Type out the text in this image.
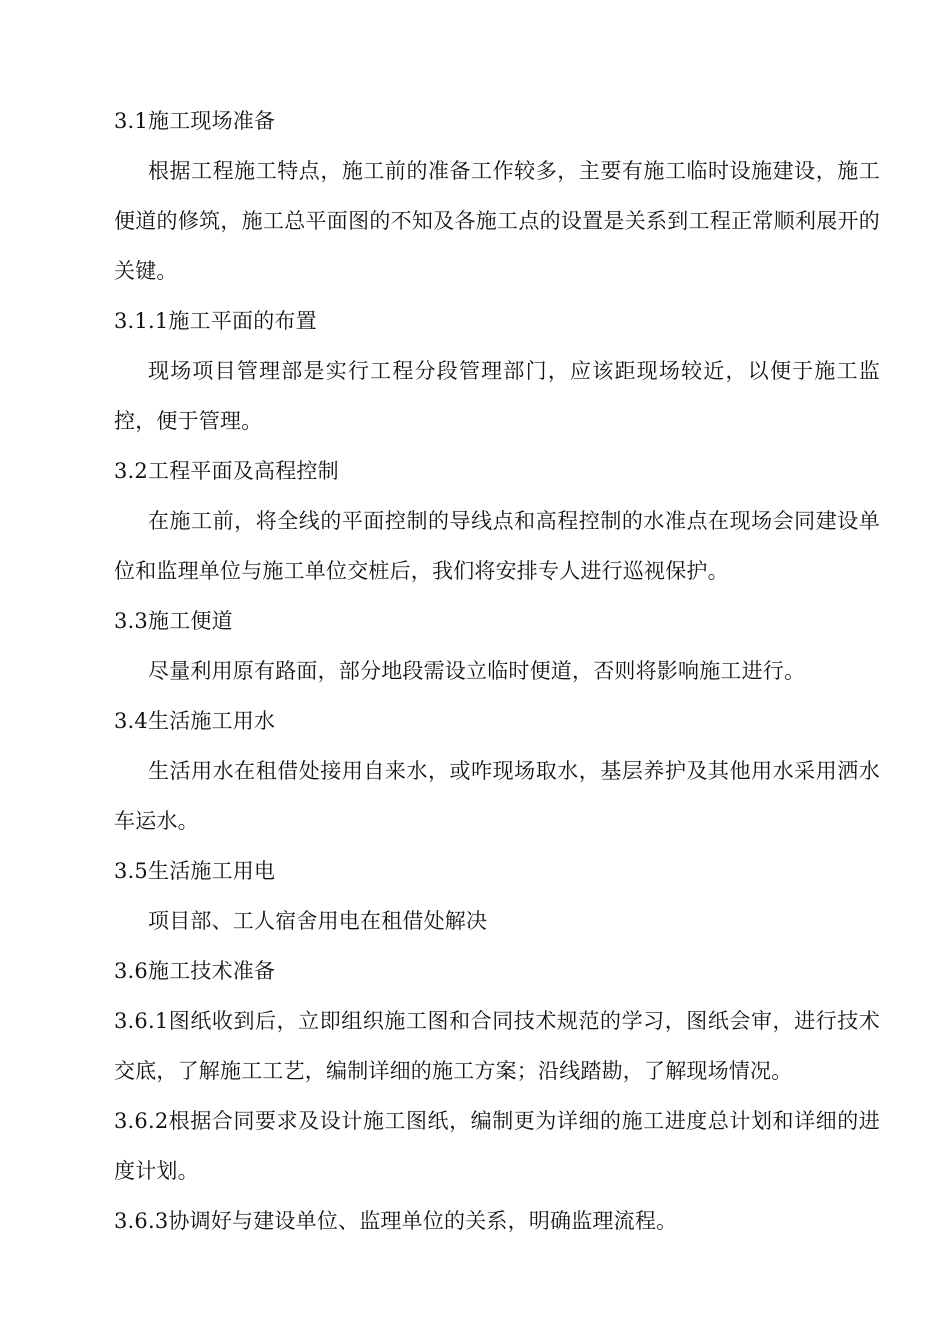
3.1施工现场准备

根据工程施工特点，施工前的准备工作较多，主要有施工临时设施建设，施工便道的修筑，施工总平面图的不知及各施工点的设置是关系到工程正常顺利展开的关键。

3.1.1施工平面的布置

现场项目管理部是实行工程分段管理部门，应该距现场较近，以便于施工监控，便于管理。

3.2工程平面及高程控制

在施工前，将全线的平面控制的导线点和高程控制的水准点在现场会同建设单位和监理单位与施工单位交桩后，我们将安排专人进行巡视保护。

3.3施工便道

尽量利用原有路面，部分地段需设立临时便道，否则将影响施工进行。

3.4生活施工用水

生活用水在租借处接用自来水，或咋现场取水，基层养护及其他用水采用洒水车运水。

3.5生活施工用电

项目部、工人宿舍用电在租借处解决

3.6施工技术准备

3.6.1图纸收到后，立即组织施工图和合同技术规范的学习，图纸会审，进行技术交底，了解施工工艺，编制详细的施工方案；沿线踏勘，了解现场情况。

3.6.2根据合同要求及设计施工图纸，编制更为详细的施工进度总计划和详细的进度计划。

3.6.3协调好与建设单位、监理单位的关系，明确监理流程。
